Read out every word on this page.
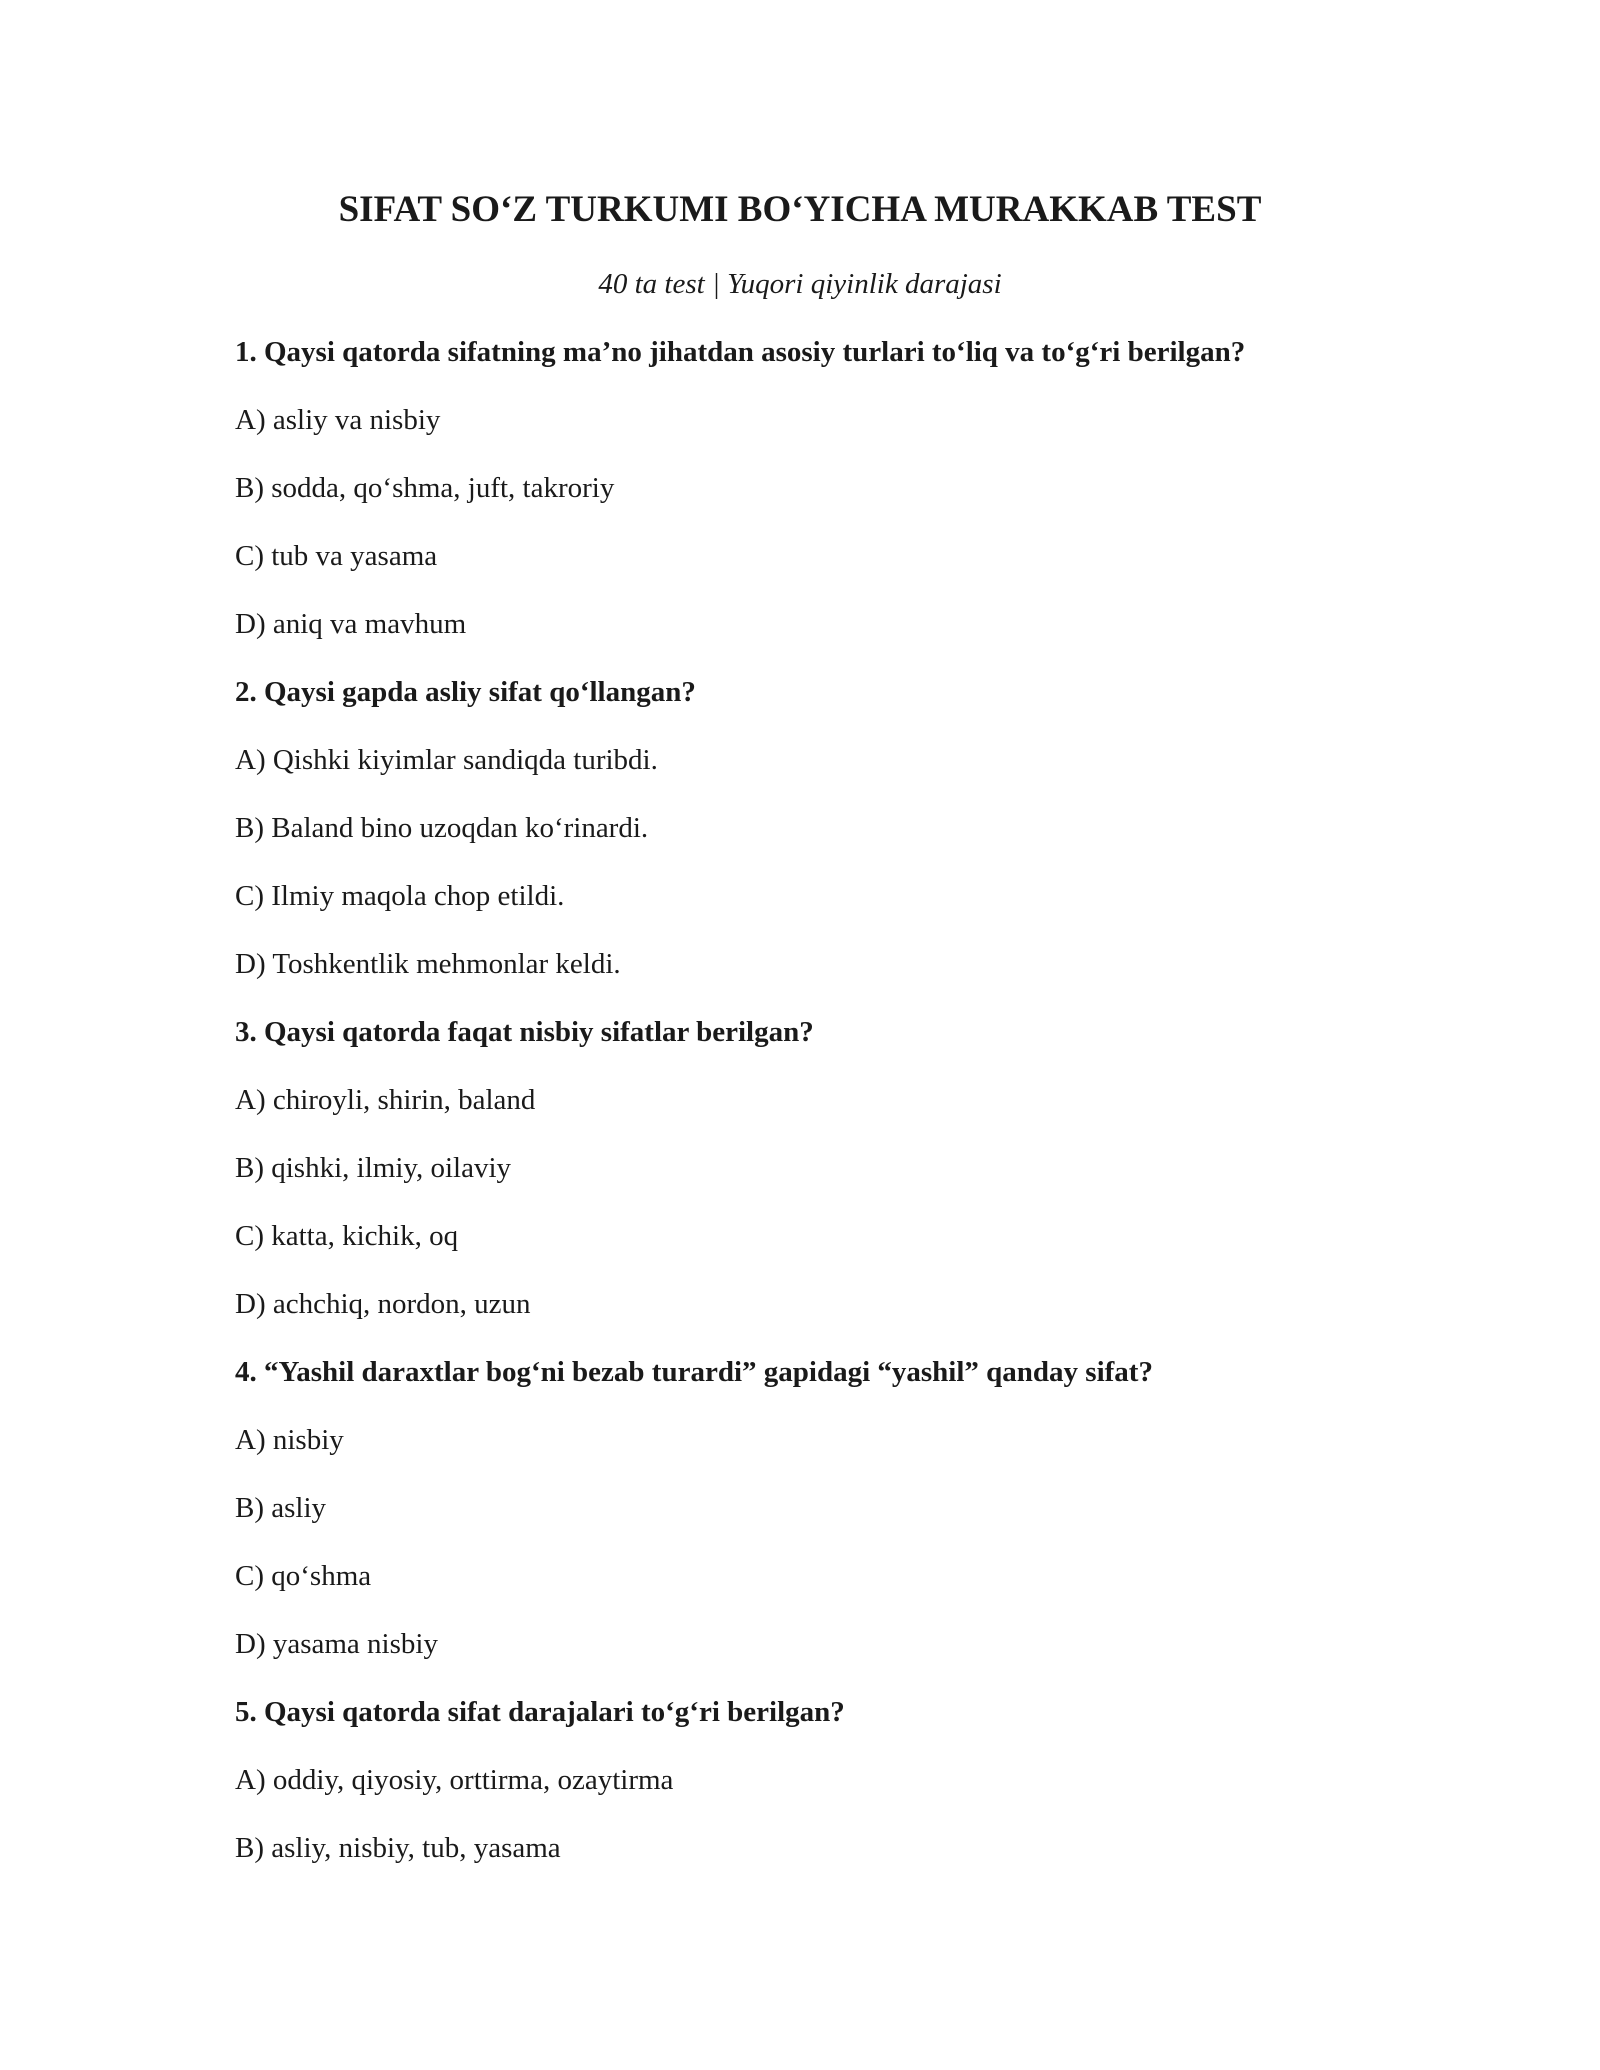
SIFAT SO‘Z TURKUMI BO‘YICHA MURAKKAB TEST

40 ta test | Yuqori qiyinlik darajasi

1. Qaysi qatorda sifatning ma’no jihatdan asosiy turlari to‘liq va to‘g‘ri berilgan?

A) asliy va nisbiy

B) sodda, qo‘shma, juft, takroriy

C) tub va yasama

D) aniq va mavhum

2. Qaysi gapda asliy sifat qo‘llangan?

A) Qishki kiyimlar sandiqda turibdi.

B) Baland bino uzoqdan ko‘rinardi.

C) Ilmiy maqola chop etildi.

D) Toshkentlik mehmonlar keldi.

3. Qaysi qatorda faqat nisbiy sifatlar berilgan?

A) chiroyli, shirin, baland

B) qishki, ilmiy, oilaviy

C) katta, kichik, oq

D) achchiq, nordon, uzun

4. “Yashil daraxtlar bog‘ni bezab turardi” gapidagi “yashil” qanday sifat?

A) nisbiy

B) asliy

C) qo‘shma

D) yasama nisbiy

5. Qaysi qatorda sifat darajalari to‘g‘ri berilgan?

A) oddiy, qiyosiy, orttirma, ozaytirma

B) asliy, nisbiy, tub, yasama
